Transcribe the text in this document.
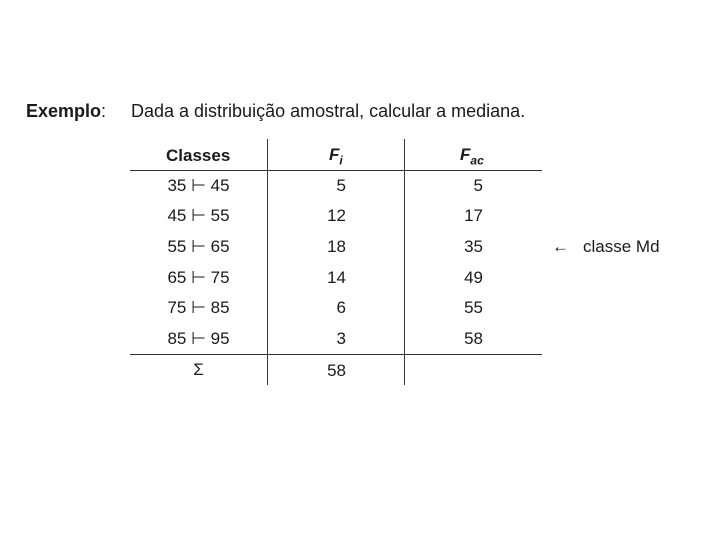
Exemplo: Dada a distribuição amostral, calcular a mediana.
Classes	$F_i$	$F_{ac}$
35 ⊢ 45	5	5
45 ⊢ 55	12	17
55 ⊢ 65	18	35
65 ⊢ 75	14	49
75 ⊢ 85	6	55
85 ⊢ 95	3	58
Σ	58
← classe Md
